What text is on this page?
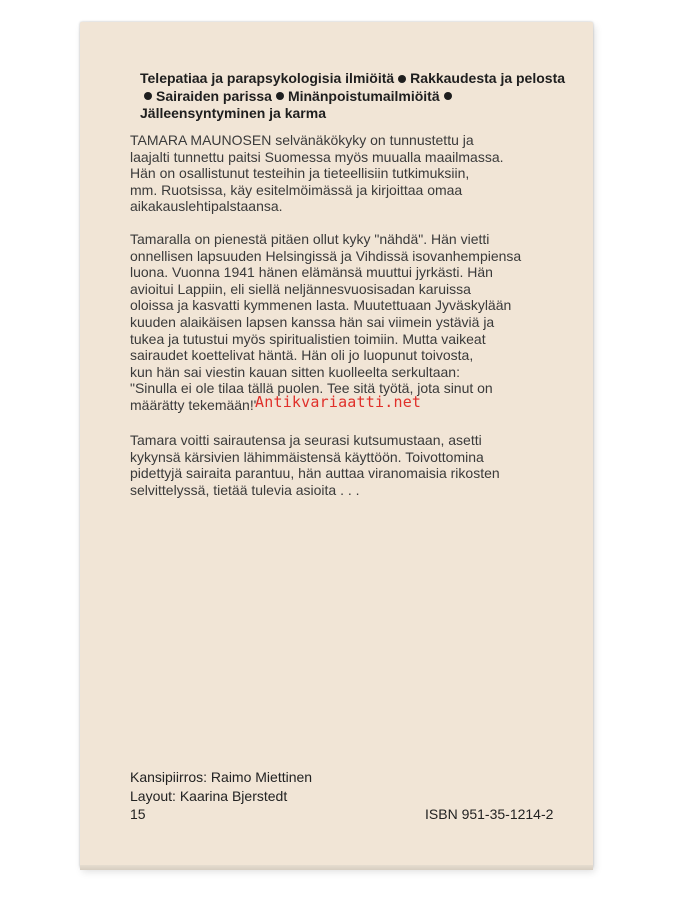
Telepatiaa ja parapsykologisia ilmiöitä Rakkaudesta ja pelostaSairaiden parissa Minänpoistumailmiöitä
Jälleensyntyminen ja karma
TAMARA MAUNOSEN selvänäkökyky on tunnustettu ja
laajalti tunnettu paitsi Suomessa myös muualla maailmassa.
Hän on osallistunut testeihin ja tieteellisiin tutkimuksiin,
mm. Ruotsissa, käy esitelmöimässä ja kirjoittaa omaa
aikakauslehtipalstaansa.
Tamaralla on pienestä pitäen ollut kyky "nähdä". Hän vietti
onnellisen lapsuuden Helsingissä ja Vihdissä isovanhempiensa
luona. Vuonna 1941 hänen elämänsä muuttui jyrkästi. Hän
avioitui Lappiin, eli siellä neljännesvuosisadan karuissa
oloissa ja kasvatti kymmenen lasta. Muutettuaan Jyväskylään
kuuden alaikäisen lapsen kanssa hän sai viimein ystäviä ja
tukea ja tutustui myös spiritualistien toimiin. Mutta vaikeat
sairaudet koettelivat häntä. Hän oli jo luopunut toivosta,
kun hän sai viestin kauan sitten kuolleelta serkultaan:
"Sinulla ei ole tilaa tällä puolen. Tee sitä työtä, jota sinut on
määrätty tekemään!"
Antikvariaatti.net
Tamara voitti sairautensa ja seurasi kutsumustaan, asetti
kykynsä kärsivien lähimmäistensä käyttöön. Toivottomina
pidettyjä sairaita parantuu, hän auttaa viranomaisia rikosten
selvittelyssä, tietää tulevia asioita . . .
Kansipiirros: Raimo Miettinen
Layout: Kaarina Bjerstedt
15	ISBN 951-35-1214-2
